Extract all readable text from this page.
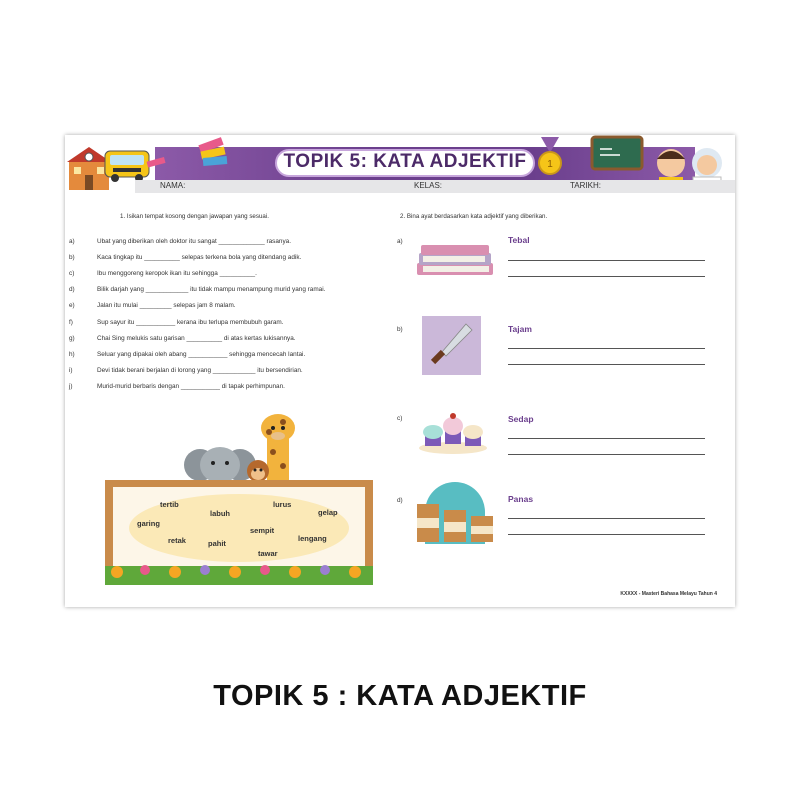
TOPIK 5: KATA ADJEKTIF	1
NAMA:	KELAS:	TARIKH:
1. Isikan tempat kosong dengan jawapan yang sesuai.
a)	Ubat yang diberikan oleh doktor itu sangat _____________ rasanya.
b)	Kaca tingkap itu __________ selepas terkena bola yang ditendang adik.
c)	Ibu menggoreng keropok ikan itu sehingga __________.
d)	Bilik darjah yang ____________ itu tidak mampu menampung murid yang ramai.
e)	Jalan itu mulai _________ selepas jam 8 malam.
f)	Sup sayur itu ___________ kerana ibu terlupa membubuh garam.
g)	Chai Sing melukis satu garisan __________ di atas kertas lukisannya.
h)	Seluar yang dipakai oleh abang ___________ sehingga mencecah lantai.
i)	Devi tidak berani berjalan di lorong yang ____________ itu bersendirian.
j)	Murid-murid berbaris dengan ___________ di tapak perhimpunan.
tertib
labuh
lurus
gelap
garing
sempit
retak	pahit
lengang
tawar
2. Bina ayat berdasarkan kata adjektif yang diberikan.
a)	Tebal
b)	Tajam
c)	Sedap
d)	Panas
KXXXX - Masteri Bahasa Melayu Tahun 4
TOPIK 5 : KATA ADJEKTIF
